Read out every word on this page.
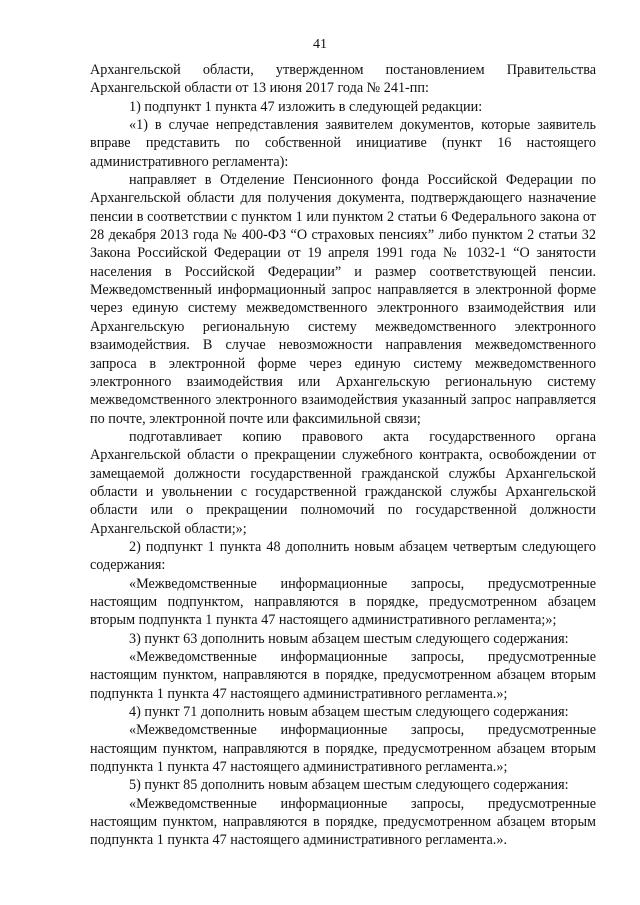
41

Архангельской области, утвержденном постановлением Правительства Архангельской области от 13 июня 2017 года № 241-пп:

1) подпункт 1 пункта 47 изложить в следующей редакции:

«1) в случае непредставления заявителем документов, которые заявитель вправе представить по собственной инициативе (пункт 16 настоящего административного регламента):

направляет в Отделение Пенсионного фонда Российской Федерации по Архангельской области для получения документа, подтверждающего назначение пенсии в соответствии с пунктом 1 или пунктом 2 статьи 6 Федерального закона от 28 декабря 2013 года № 400-ФЗ “О страховых пенсиях” либо пунктом 2 статьи 32 Закона Российской Федерации от 19 апреля 1991 года № 1032-1 “О занятости населения в Российской Федерации” и размер соответствующей пенсии. Межведомственный информационный запрос направляется в электронной форме через единую систему межведомственного электронного взаимодействия или Архангельскую региональную систему межведомственного электронного взаимодействия. В случае невозможности направления межведомственного запроса в электронной форме через единую систему межведомственного электронного взаимодействия или Архангельскую региональную систему межведомственного электронного взаимодействия указанный запрос направляется по почте, электронной почте или факсимильной связи;

подготавливает копию правового акта государственного органа Архангельской области о прекращении служебного контракта, освобождении от замещаемой должности государственной гражданской службы Архангельской области и увольнении с государственной гражданской службы Архангельской области или о прекращении полномочий по государственной должности Архангельской области;»;

2) подпункт 1 пункта 48 дополнить новым абзацем четвертым следующего содержания:

«Межведомственные информационные запросы, предусмотренные настоящим подпунктом, направляются в порядке, предусмотренном абзацем вторым подпункта 1 пункта 47 настоящего административного регламента;»;

3) пункт 63 дополнить новым абзацем шестым следующего содержания:

«Межведомственные информационные запросы, предусмотренные настоящим пунктом, направляются в порядке, предусмотренном абзацем вторым подпункта 1 пункта 47 настоящего административного регламента.»;

4) пункт 71 дополнить новым абзацем шестым следующего содержания:

«Межведомственные информационные запросы, предусмотренные настоящим пунктом, направляются в порядке, предусмотренном абзацем вторым подпункта 1 пункта 47 настоящего административного регламента.»;

5) пункт 85 дополнить новым абзацем шестым следующего содержания:

«Межведомственные информационные запросы, предусмотренные настоящим пунктом, направляются в порядке, предусмотренном абзацем вторым подпункта 1 пункта 47 настоящего административного регламента.».
